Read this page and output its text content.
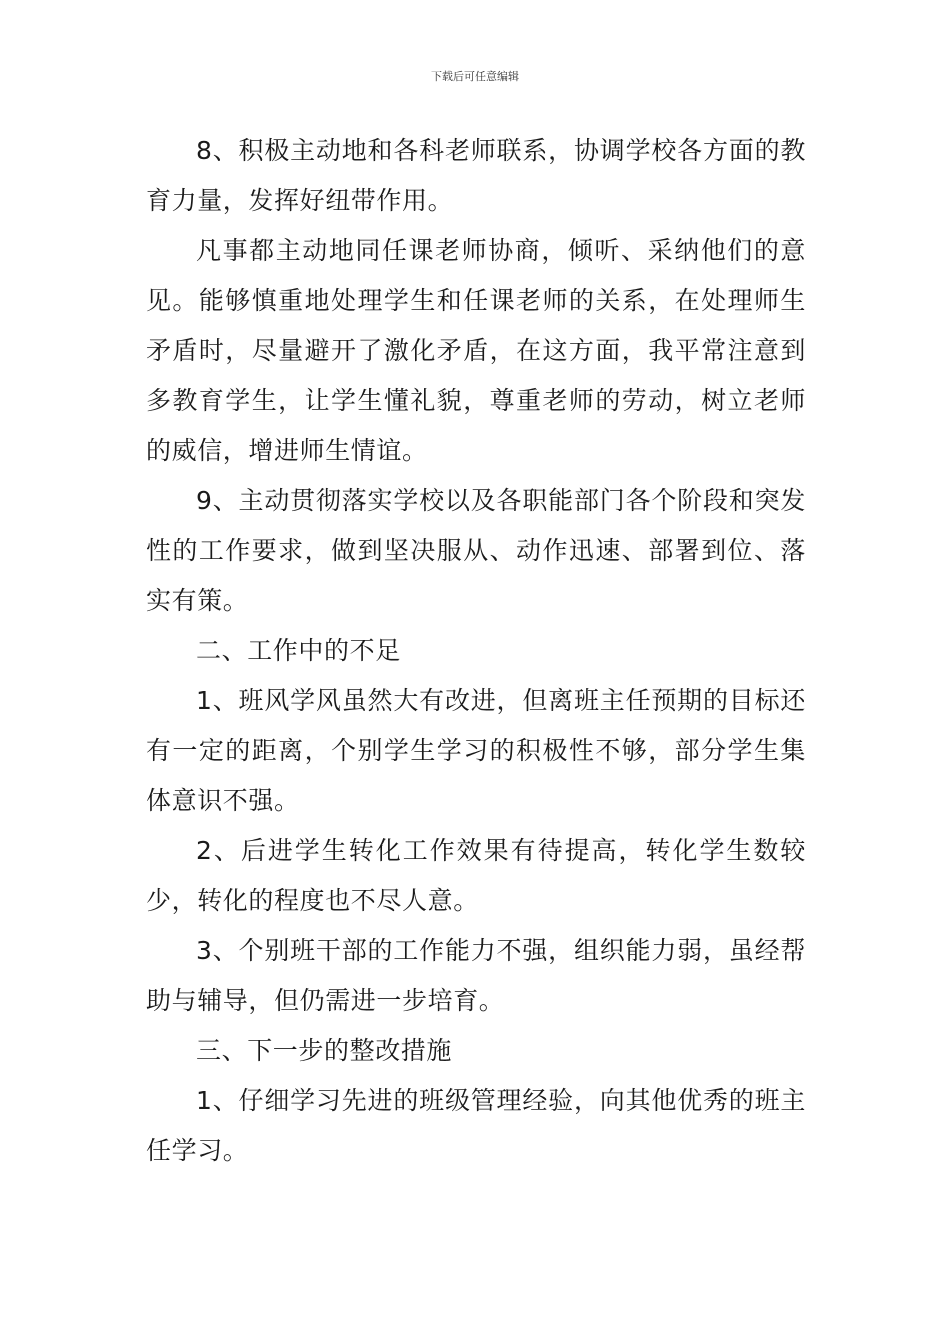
下载后可任意编辑

8、积极主动地和各科老师联系，协调学校各方面的教育力量，发挥好纽带作用。

凡事都主动地同任课老师协商，倾听、采纳他们的意见。能够慎重地处理学生和任课老师的关系，在处理师生矛盾时，尽量避开了激化矛盾，在这方面，我平常注意到多教育学生，让学生懂礼貌，尊重老师的劳动，树立老师的威信，增进师生情谊。

9、主动贯彻落实学校以及各职能部门各个阶段和突发性的工作要求，做到坚决服从、动作迅速、部署到位、落实有策。

二、工作中的不足

1、班风学风虽然大有改进，但离班主任预期的目标还有一定的距离，个别学生学习的积极性不够，部分学生集体意识不强。

2、后进学生转化工作效果有待提高，转化学生数较少，转化的程度也不尽人意。

3、个别班干部的工作能力不强，组织能力弱，虽经帮助与辅导，但仍需进一步培育。

三、下一步的整改措施

1、仔细学习先进的班级管理经验，向其他优秀的班主任学习。
